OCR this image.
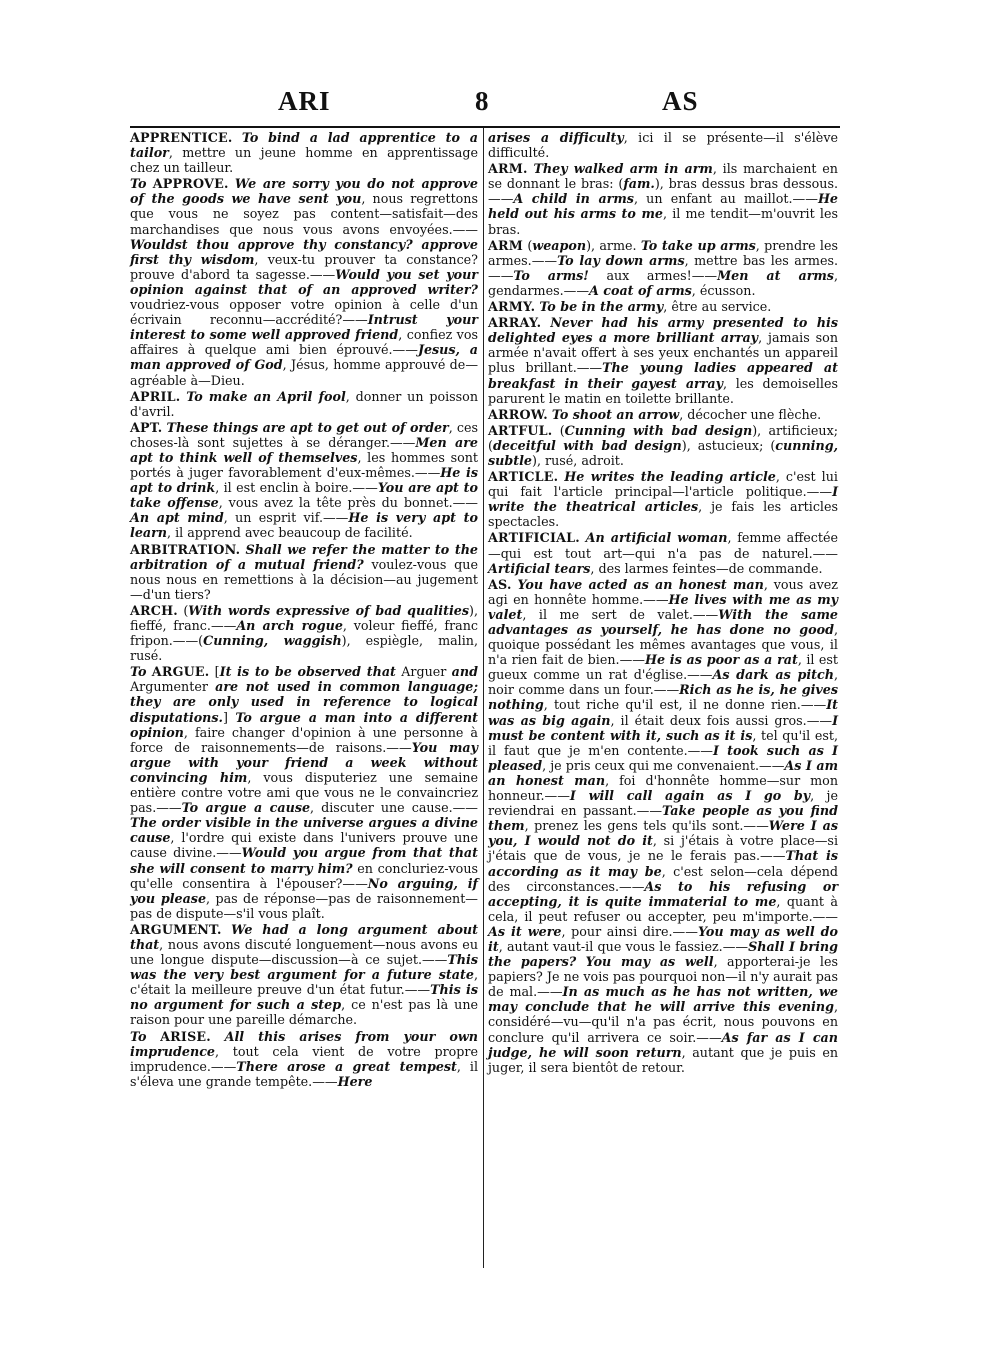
ARI	8	AS

APPRENTICE. To bind a lad apprentice to a tailor, mettre un jeune homme en apprentissage chez un tailleur.

To APPROVE. We are sorry you do not approve of the goods we have sent you, nous regrettons que vous ne soyez pas content—satisfait—des marchandises que nous vous avons envoyées.——Wouldst thou approve thy constancy? approve first thy wisdom, veux-tu prouver ta constance? prouve d'abord ta sagesse.——Would you set your opinion against that of an approved writer? voudriez-vous opposer votre opinion à celle d'un écrivain reconnu—accrédité?——Intrust your interest to some well approved friend, confiez vos affaires à quelque ami bien éprouvé.——Jesus, a man approved of God, Jésus, homme approuvé de—agréable à—Dieu.

APRIL. To make an April fool, donner un poisson d'avril.

APT. These things are apt to get out of order, ces choses-là sont sujettes à se déranger.——Men are apt to think well of themselves, les hommes sont portés à juger favorablement d'eux-mêmes.——He is apt to drink, il est enclin à boire.——You are apt to take offense, vous avez la tête près du bonnet.——An apt mind, un esprit vif.——He is very apt to learn, il apprend avec beaucoup de facilité.

ARBITRATION. Shall we refer the matter to the arbitration of a mutual friend? voulez-vous que nous nous en remettions à la décision—au jugement—d'un tiers?

ARCH. (With words expressive of bad qualities), fieffé, franc.——An arch rogue, voleur fieffé, franc fripon.——(Cunning, waggish), espiègle, malin, rusé.

To ARGUE. [It is to be observed that Arguer and Argumenter are not used in common language; they are only used in reference to logical disputations.] To argue a man into a different opinion, faire changer d'opinion à une personne à force de raisonnements—de raisons.——You may argue with your friend a week without convincing him, vous disputeriez une semaine entière contre votre ami que vous ne le convaincriez pas.——To argue a cause, discuter une cause.——The order visible in the universe argues a divine cause, l'ordre qui existe dans l'univers prouve une cause divine.——Would you argue from that that she will consent to marry him? en concluriez-vous qu'elle consentira à l'épouser?——No arguing, if you please, pas de réponse—pas de raisonnement—pas de dispute—s'il vous plaît.

ARGUMENT. We had a long argument about that, nous avons discuté longuement—nous avons eu une longue dispute—discussion—à ce sujet.——This was the very best argument for a future state, c'était la meilleure preuve d'un état futur.——This is no argument for such a step, ce n'est pas là une raison pour une pareille démarche.

To ARISE. All this arises from your own imprudence, tout cela vient de votre propre imprudence.——There arose a great tempest, il s'éleva une grande tempête.——Here

arises a difficulty, ici il se présente—il s'élève difficulté.

ARM. They walked arm in arm, ils marchaient en se donnant le bras: (fam.), bras dessus bras dessous.——A child in arms, un enfant au maillot.——He held out his arms to me, il me tendit—m'ouvrit les bras.

ARM (weapon), arme. To take up arms, prendre les armes.——To lay down arms, mettre bas les armes.——To arms! aux armes!——Men at arms, gendarmes.——A coat of arms, écusson.

ARMY. To be in the army, être au service.

ARRAY. Never had his army presented to his delighted eyes a more brilliant array, jamais son armée n'avait offert à ses yeux enchantés un appareil plus brillant.——The young ladies appeared at breakfast in their gayest array, les demoiselles parurent le matin en toilette brillante.

ARROW. To shoot an arrow, décocher une flèche.

ARTFUL. (Cunning with bad design), artificieux; (deceitful with bad design), astucieux; (cunning, subtle), rusé, adroit.

ARTICLE. He writes the leading article, c'est lui qui fait l'article principal—l'article politique.——I write the theatrical articles, je fais les articles spectacles.

ARTIFICIAL. An artificial woman, femme affectée—qui est tout art—qui n'a pas de naturel.——Artificial tears, des larmes feintes—de commande.

AS. You have acted as an honest man, vous avez agi en honnête homme.——He lives with me as my valet, il me sert de valet.——With the same advantages as yourself, he has done no good, quoique possédant les mêmes avantages que vous, il n'a rien fait de bien.——He is as poor as a rat, il est gueux comme un rat d'église.——As dark as pitch, noir comme dans un four.——Rich as he is, he gives nothing, tout riche qu'il est, il ne donne rien.——It was as big again, il était deux fois aussi gros.——I must be content with it, such as it is, tel qu'il est, il faut que je m'en contente.——I took such as I pleased, je pris ceux qui me convenaient.——As I am an honest man, foi d'honnête homme—sur mon honneur.——I will call again as I go by, je reviendrai en passant.——Take people as you find them, prenez les gens tels qu'ils sont.——Were I as you, I would not do it, si j'étais à votre place—si j'étais que de vous, je ne le ferais pas.——That is according as it may be, c'est selon—cela dépend des circonstances.——As to his refusing or accepting, it is quite immaterial to me, quant à cela, il peut refuser ou accepter, peu m'importe.——As it were, pour ainsi dire.——You may as well do it, autant vaut-il que vous le fassiez.——Shall I bring the papers? You may as well, apporterai-je les papiers? Je ne vois pas pourquoi non—il n'y aurait pas de mal.——In as much as he has not written, we may conclude that he will arrive this evening, considéré—vu—qu'il n'a pas écrit, nous pouvons en conclure qu'il arrivera ce soir.——As far as I can judge, he will soon return, autant que je puis en juger, il sera bientôt de retour.
